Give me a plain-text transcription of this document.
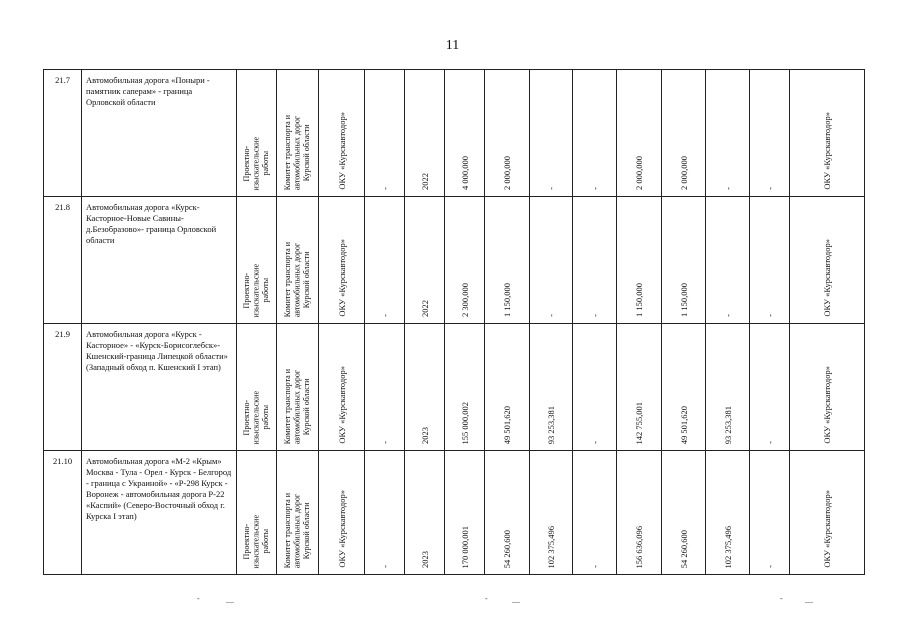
11
21.7	Автомобильная дорога «Поныри - памятник саперам» - граница Орловской области	Проектно-
изыскательские
работы	Комитет транспорта и
автомобильных дорог
Курской области	ОКУ «Курскавтодор»	-	2022	4 000,000	2 000,000	-	-	2 000,000	2 000,000	-	-	ОКУ «Курскавтодор»

21.8	Автомобильная дорога «Курск-Касторное-Новые Савины-д.Безобразово»- граница Орловской области	Проектно-
изыскательские
работы	Комитет транспорта и
автомобильных дорог
Курской области	ОКУ «Курскавтодор»	-	2022	2 300,000	1 150,000	-	-	1 150,000	1 150,000	-	-	ОКУ «Курскавтодор»

21.9	Автомобильная дорога «Курск - Касторное» - «Курск-Борисоглебск»-Кшенский-граница Липецкой области» (Западный обход п. Кшенский I этап)	Проектно-
изыскательские
работы	Комитет транспорта и
автомобильных дорог
Курской области	ОКУ «Курскавтодор»	-	2023	155 000,002	49 501,620	93 253,381	-	142 755,001	49 501,620	93 253,381	-	ОКУ «Курскавтодор»

21.10	Автомобильная дорога «М-2 «Крым» Москва - Тула - Орел - Курск - Белгород - граница с Украиной» - «Р-298 Курск - Воронеж - автомобильная дорога Р-22 «Каспий» (Северо-Восточный обход г. Курска I этап)	Проектно-
изыскательские
работы	Комитет транспорта и
автомобильных дорог
Курской области	ОКУ «Курскавтодор»	-	2023	170 000,001	54 260,600	102 375,496	-	156 636,096	54 260,600	102 375,496	-	ОКУ «Курскавтодор»
-	—	-	—	-	—
